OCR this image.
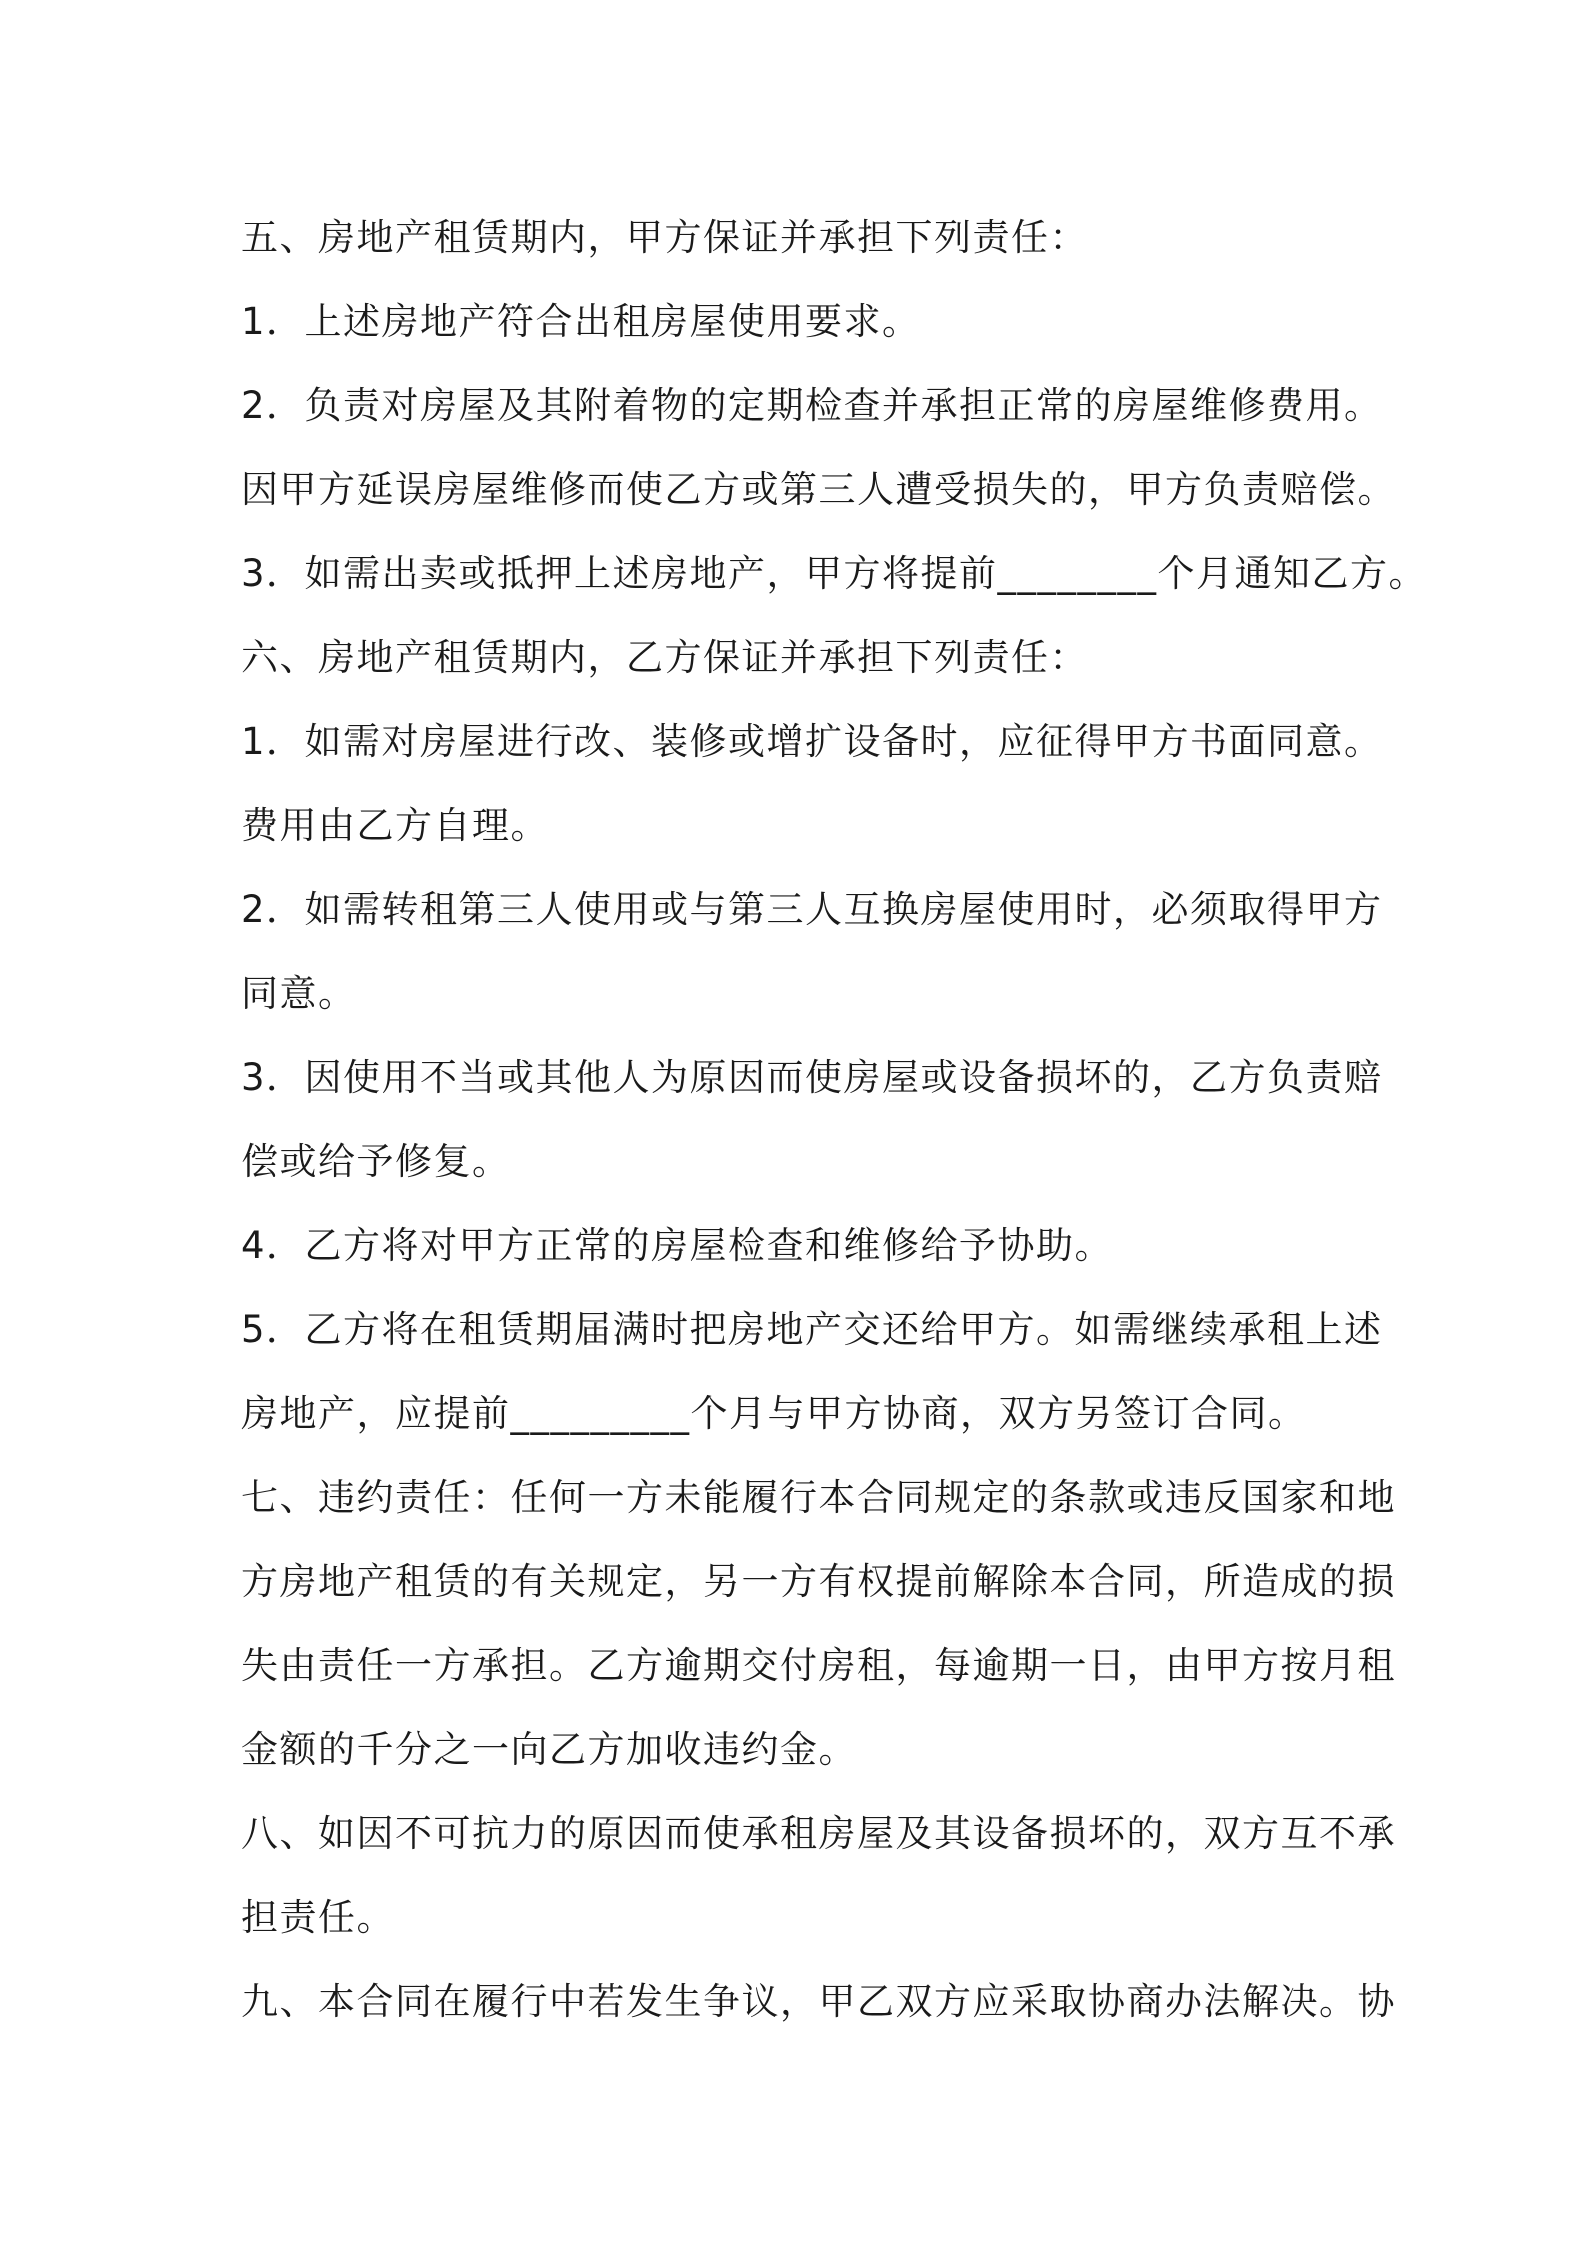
五、房地产租赁期内，甲方保证并承担下列责任：
1．上述房地产符合出租房屋使用要求。
2．负责对房屋及其附着物的定期检查并承担正常的房屋维修费用。
因甲方延误房屋维修而使乙方或第三人遭受损失的，甲方负责赔偿。
3．如需出卖或抵押上述房地产，甲方将提前________个月通知乙方。
六、房地产租赁期内，乙方保证并承担下列责任：
1．如需对房屋进行改、装修或增扩设备时，应征得甲方书面同意。
费用由乙方自理。
2．如需转租第三人使用或与第三人互换房屋使用时，必须取得甲方
同意。
3．因使用不当或其他人为原因而使房屋或设备损坏的，乙方负责赔
偿或给予修复。
4．乙方将对甲方正常的房屋检查和维修给予协助。
5．乙方将在租赁期届满时把房地产交还给甲方。如需继续承租上述
房地产，应提前_________个月与甲方协商，双方另签订合同。
七、违约责任：任何一方未能履行本合同规定的条款或违反国家和地
方房地产租赁的有关规定，另一方有权提前解除本合同，所造成的损
失由责任一方承担。乙方逾期交付房租，每逾期一日，由甲方按月租
金额的千分之一向乙方加收违约金。
八、如因不可抗力的原因而使承租房屋及其设备损坏的，双方互不承
担责任。
九、本合同在履行中若发生争议，甲乙双方应采取协商办法解决。协
